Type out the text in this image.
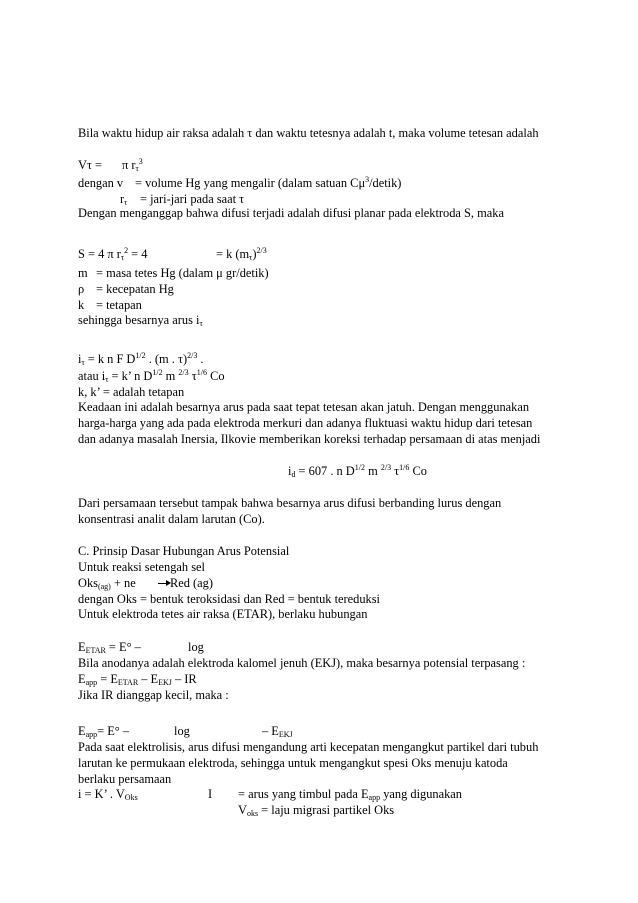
Bila waktu hidup air raksa adalah τ dan waktu tetesnya adalah t, maka volume tetesan adalah
Vτ = π $r_\tau^3$
dengan v = volume Hg yang mengalir (dalam satuan $C\mu^3/detik$)
$r_\tau$ = jari-jari pada saat τ
Dengan menganggap bahwa difusi terjadi adalah difusi planar pada elektroda S, maka
S = 4 π $r_\tau^2 = 4$	= k $(m_\tau)^{2/3}$
m = masa tetes Hg (dalam μ gr/detik)
ρ = kecepatan Hg
k = tetapan
sehingga besarnya arus $i_\tau$
$i_\tau = k$ n F $D^{1/2}$ . (m . τ)$^{2/3}$ .
atau $i_\tau = k$’ n $D^{1/2}$ m $^{2/3}$ $\tau^{1/6}$ Co
k, k’ = adalah tetapan
Keadaan ini adalah besarnya arus pada saat tepat tetesan akan jatuh. Dengan menggunakan
harga-harga yang ada pada elektroda merkuri dan adanya fluktuasi waktu hidup dari tetesan
dan adanya masalah Inersia, Ilkovie memberikan koreksi terhadap persamaan di atas menjadi
$i_d = 607$ . n $D^{1/2}$ m $^{2/3}$ $\tau^{1/6}$ Co
Dari persamaan tersebut tampak bahwa besarnya arus difusi berbanding lurus dengan
konsentrasi analit dalam larutan (Co).
C. Prinsip Dasar Hubungan Arus Potensial
Untuk reaksi setengah sel
Oks$_{(ag)}$ + ne	Red (ag)
dengan Oks = bentuk teroksidasi dan Red = bentuk tereduksi
Untuk elektroda tetes air raksa (ETAR), berlaku hubungan
$E_{ETAR} = E^\circ$ –	log
Bila anodanya adalah elektroda kalomel jenuh (EKJ), maka besarnya potensial terpasang :
$E_{app} = E_{ETAR} - E_{EKJ}$ – IR
Jika IR dianggap kecil, maka :
$E_{app}= E^\circ$ –	log	– $E_{EKJ}$
Pada saat elektrolisis, arus difusi mengandung arti kecepatan mengangkut partikel dari tubuh
larutan ke permukaan elektroda, sehingga untuk mengangkut spesi Oks menuju katoda
berlaku persamaan
i = K’ . $V_{Oks}$	I = arus yang timbul pada $E_{app}$ yang digunakan
$V_{oks}$ = laju migrasi partikel Oks
